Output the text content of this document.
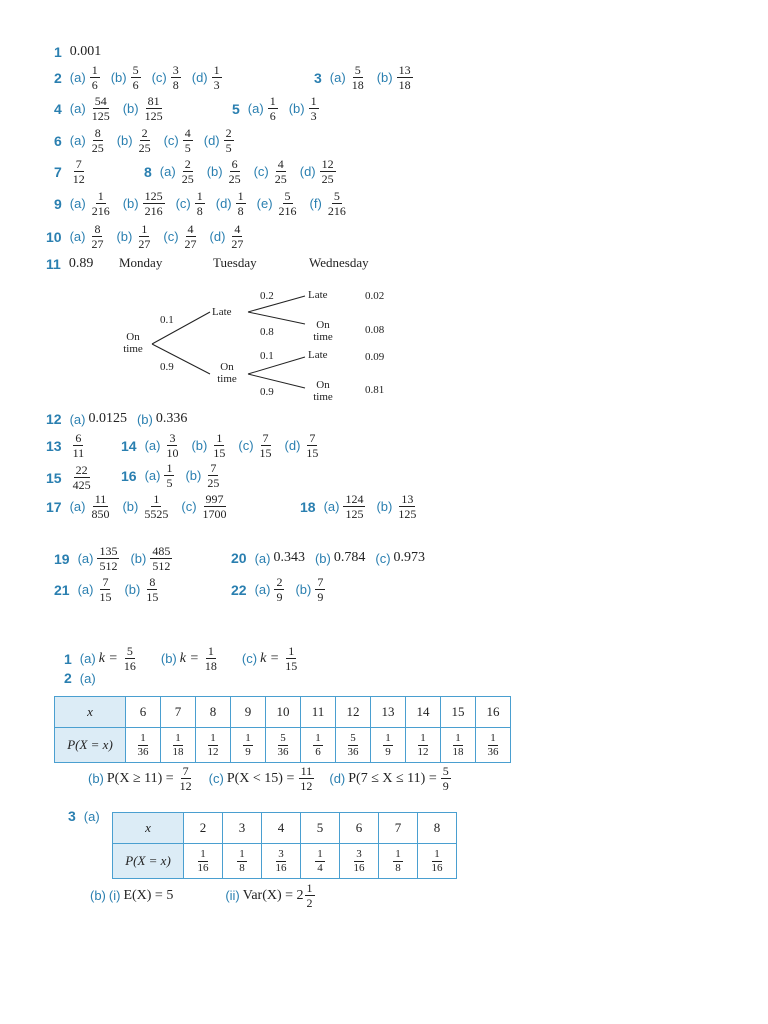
1 0.001
2 $(a) \frac{1}{6} (b) \frac{5}{6} (c) \frac{3}{8} (d) \frac{1}{3}$	3 $(a) \frac{5}{18} (b) \frac{13}{18}$
4 $(a) \frac{54}{125} (b) \frac{81}{125}$	5 $(a) \frac{1}{6} (b) \frac{1}{3}$
6 $(a) \frac{8}{25} (b) \frac{2}{25} (c) \frac{4}{5} (d) \frac{2}{5}$
$7 \frac{7}{12}$	8 $(a) \frac{2}{25} (b) \frac{6}{25} (c) \frac{4}{25} (d) \frac{12}{25}$
9 $(a) \frac{1}{216} (b) \frac{125}{216} (c) \frac{1}{8} (d) \frac{1}{8} (e) \frac{5}{216} (f) \frac{5}{216}$
10 $(a) \frac{8}{27} (b) \frac{1}{27} (c) \frac{4}{27} (d) \frac{4}{27}$
11 0.89 Monday	Tuesday	Wednesday
On time
0.1
Late
0.9	On time
0.2	Late	0.02
0.8
On time
0.08
0.1	Late	0.09
0.9
On time
0.81
12 (a) 0.0125 (b) 0.336
$13 \frac{6}{11} 14$ $(a) \frac{3}{10} (b) \frac{1}{15} (c) \frac{7}{15} (d) \frac{7}{15}$
$15 \frac{22}{425} 16$ $(a) \frac{1}{5} (b) \frac{7}{25}$
17 $(a) \frac{11}{850} (b) \frac{1}{5525} (c) \frac{997}{1700}$	18 $(a) \frac{124}{125} (b) \frac{13}{125}$
19 $(a) \frac{135}{512} (b) \frac{485}{512}$	20 (a) 0.343 (b) 0.784 (c) 0.973
21 $(a) \frac{7}{15} (b) \frac{8}{15}$	22 $(a) \frac{2}{9} (b) \frac{7}{9}$
1 (a) $k = \frac{5}{16} (b) k = \frac{1}{18} (c) k = \frac{1}{15}$
2 (a)
x	6	7	8	9	10	11	12	13	14	15	16
P(X = x)	$\frac{1}{36}$	$\frac{1}{18}$	$\frac{1}{12}$	$\frac{1}{9}$	$\frac{5}{36}$	$\frac{1}{6}$	$\frac{5}{36}$	$\frac{1}{9}$	$\frac{1}{12}$	$\frac{1}{18}$	$\frac{1}{36}$
(b) $P(X \ge 11) = \frac{7}{12} (c) P(X < 15) = \frac{11}{12} (d) P(7 \le X \le 11) = \frac{5}{9}$
3 (a)
x	2	3	4	5	6	7	8
P(X = x)	$\frac{1}{16}$	$\frac{1}{8}$	$\frac{3}{16}$	$\frac{1}{4}$	$\frac{3}{16}$	$\frac{1}{8}$	$\frac{1}{16}$
(b) (i) E(X) = 5	(ii) $Var(X) = 2 \frac{1}{2}$
